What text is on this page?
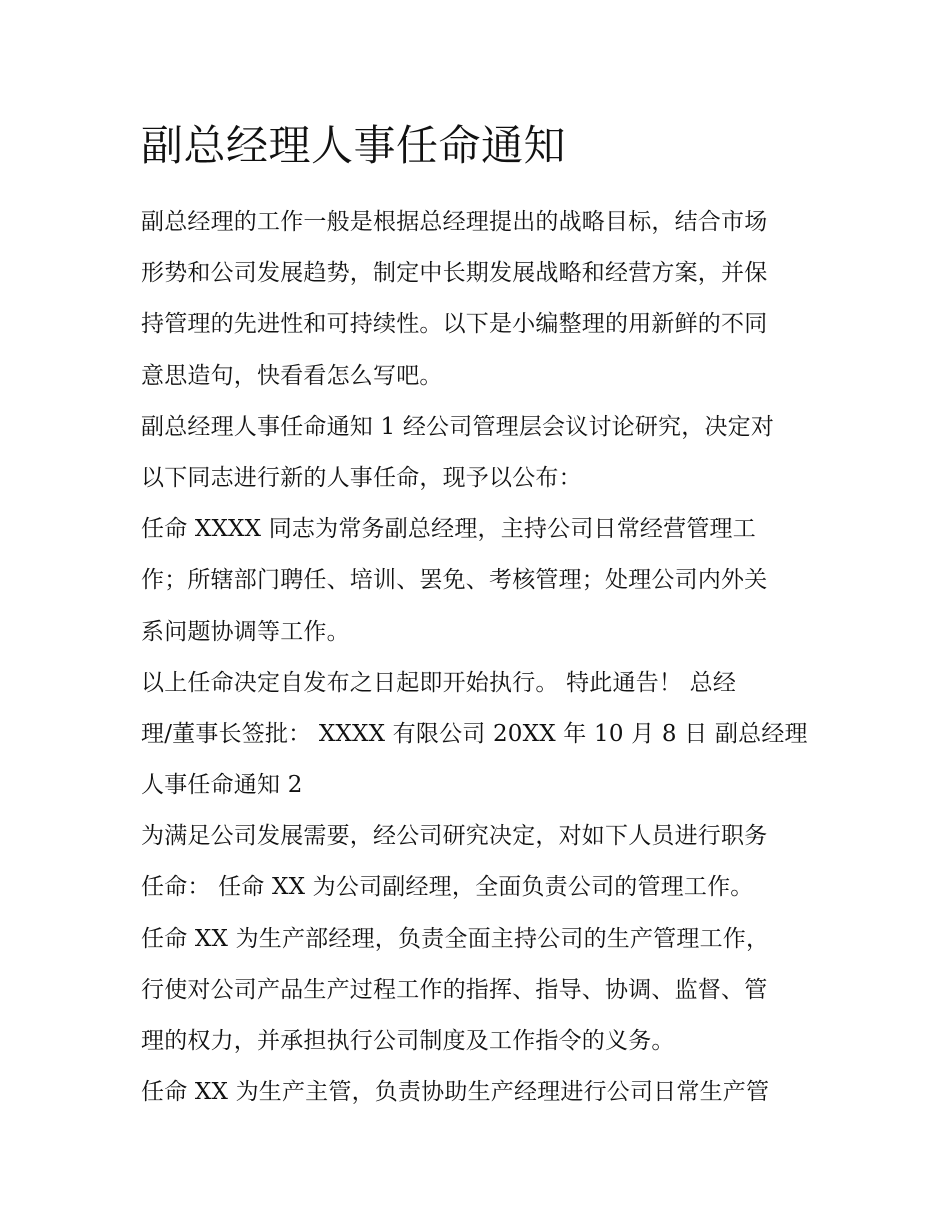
副总经理人事任命通知
副总经理的工作一般是根据总经理提出的战略目标，结合市场
形势和公司发展趋势，制定中长期发展战略和经营方案，并保
持管理的先进性和可持续性。以下是小编整理的用新鲜的不同
意思造句，快看看怎么写吧。
副总经理人事任命通知 1 经公司管理层会议讨论研究，决定对
以下同志进行新的人事任命，现予以公布：
任命 XXXX 同志为常务副总经理，主持公司日常经营管理工
作；所辖部门聘任、培训、罢免、考核管理；处理公司内外关
系问题协调等工作。
以上任命决定自发布之日起即开始执行。 特此通告！ 总经
理/董事长签批： XXXX 有限公司 20XX 年 10 月 8 日 副总经理
人事任命通知 2
为满足公司发展需要，经公司研究决定，对如下人员进行职务
任命： 任命 XX 为公司副经理，全面负责公司的管理工作。
任命 XX 为生产部经理，负责全面主持公司的生产管理工作，
行使对公司产品生产过程工作的指挥、指导、协调、监督、管
理的权力，并承担执行公司制度及工作指令的义务。
任命 XX 为生产主管，负责协助生产经理进行公司日常生产管
